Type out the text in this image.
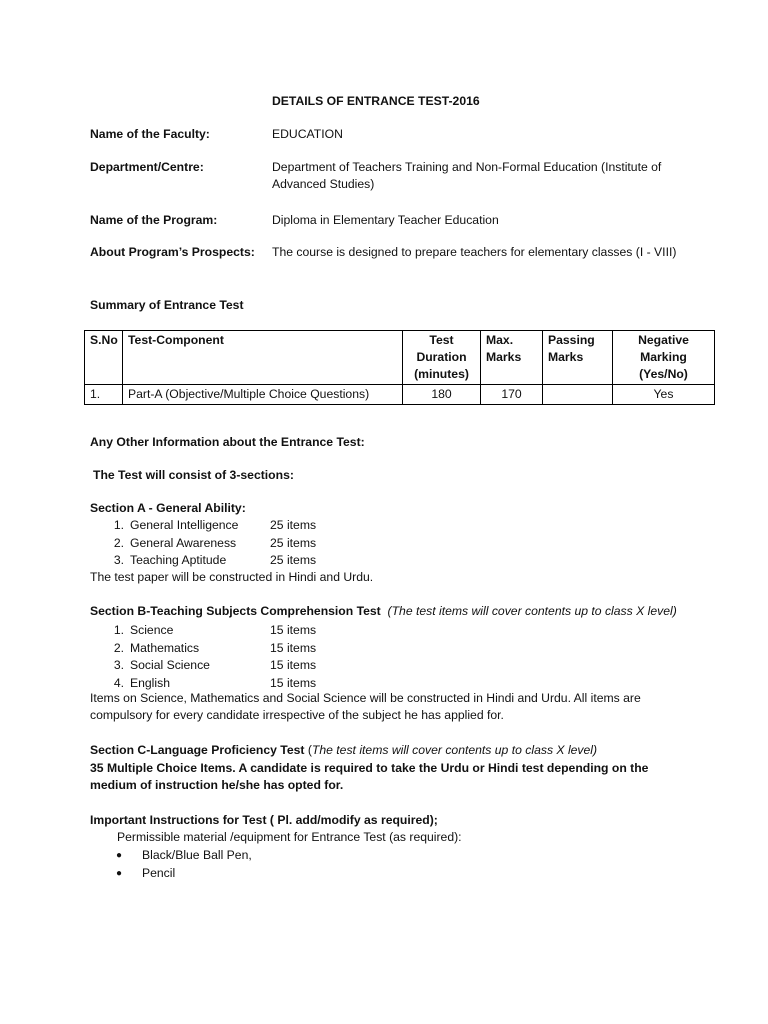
DETAILS OF ENTRANCE TEST-2016
Name of the Faculty:	EDUCATION
Department/Centre:	Department of Teachers Training and Non-Formal Education (Institute of Advanced Studies)
Name of the Program:	Diploma in Elementary Teacher Education
About Program’s Prospects: The course is designed to prepare teachers for elementary classes (I - VIII)
Summary of Entrance Test
S.No	Test-Component	Test Duration (minutes)	Max. Marks	Passing Marks	Negative Marking (Yes/No)
1.	Part-A (Objective/Multiple Choice Questions)	180	170		Yes
Any Other Information about the Entrance Test:
The Test will consist of 3-sections:
Section A - General Ability:
1. General Intelligence	25 items
2. General Awareness	25 items
3. Teaching Aptitude	25 items
The test paper will be constructed in Hindi and Urdu.
Section B-Teaching Subjects Comprehension Test (The test items will cover contents up to class X level)
1. Science	15 items
2. Mathematics	15 items
3. Social Science	15 items
4. English	15 items
Items on Science, Mathematics and Social Science will be constructed in Hindi and Urdu. All items are compulsory for every candidate irrespective of the subject he has applied for.
Section C-Language Proficiency Test (The test items will cover contents up to class X level)
35 Multiple Choice Items. A candidate is required to take the Urdu or Hindi test depending on the medium of instruction he/she has opted for.
Important Instructions for Test ( Pl. add/modify as required);
Permissible material /equipment for Entrance Test (as required):
● Black/Blue Ball Pen,
● Pencil
